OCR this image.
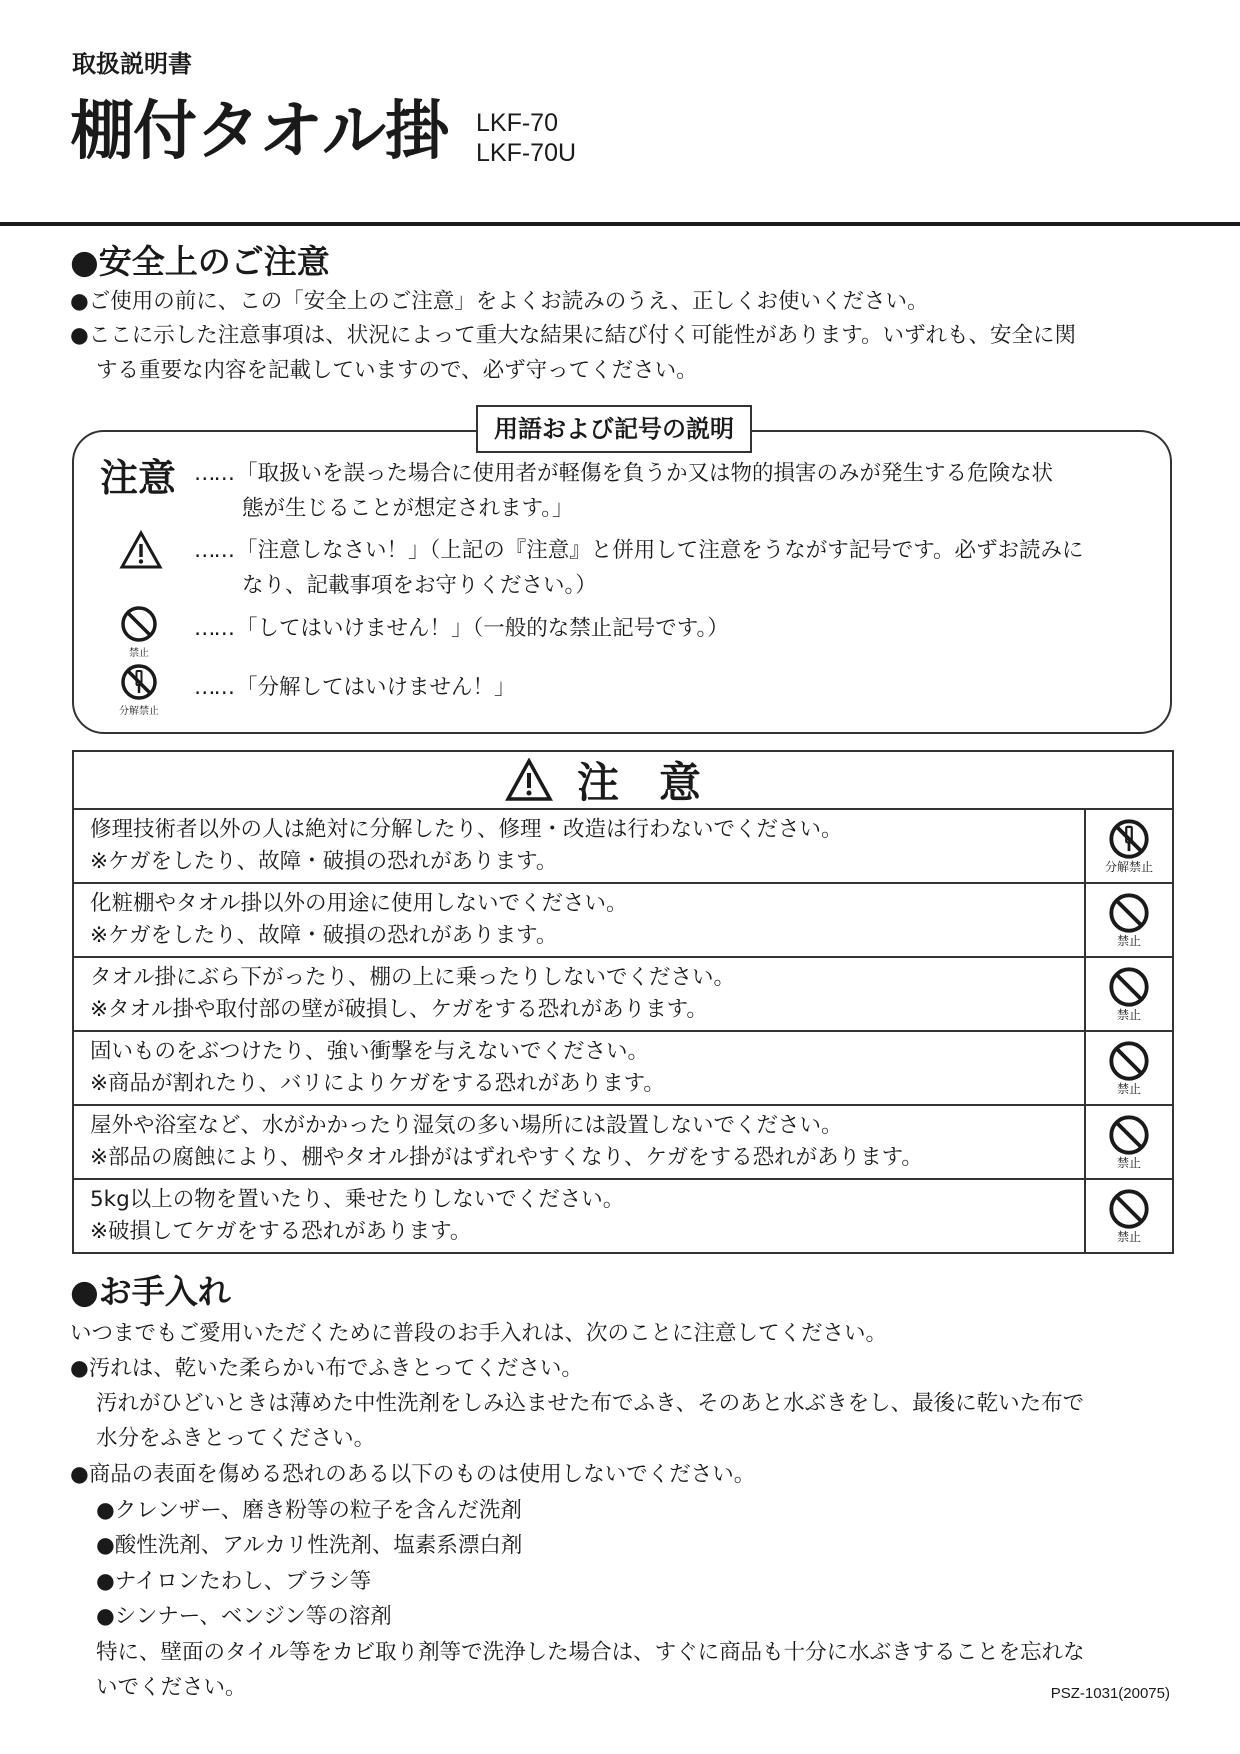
取扱説明書
棚付タオル掛 LKF-70
LKF-70U
●安全上のご注意
●ご使用の前に、この「安全上のご注意」をよくお読みのうえ、正しくお使いください。
●ここに示した注意事項は、状況によって重大な結果に結び付く可能性があります。いずれも、安全に関
する重要な内容を記載していますので、必ず守ってください。
用語および記号の説明
注意 …… 「取扱いを誤った場合に使用者が軽傷を負うか又は物的損害のみが発生する危険な状
態が生じることが想定されます。」
…… 「注意しなさい！」（上記の『注意』と併用して注意をうながす記号です。必ずお読みに
なり、記載事項をお守りください。）
禁止
…… 「してはいけません！」（一般的な禁止記号です。）
分解禁止
…… 「分解してはいけません！」
注意
修理技術者以外の人は絶対に分解したり、修理・改造は行わないでください。
※ケガをしたり、故障・破損の恐れがあります。	分解禁止
化粧棚やタオル掛以外の用途に使用しないでください。
※ケガをしたり、故障・破損の恐れがあります。	禁止
タオル掛にぶら下がったり、棚の上に乗ったりしないでください。
※タオル掛や取付部の壁が破損し、ケガをする恐れがあります。	禁止
固いものをぶつけたり、強い衝撃を与えないでください。
※商品が割れたり、バリによりケガをする恐れがあります。	禁止
屋外や浴室など、水がかかったり湿気の多い場所には設置しないでください。
※部品の腐蝕により、棚やタオル掛がはずれやすくなり、ケガをする恐れがあります。	禁止
5kg以上の物を置いたり、乗せたりしないでください。
※破損してケガをする恐れがあります。	禁止
●お手入れ
いつまでもご愛用いただくために普段のお手入れは、次のことに注意してください。
●汚れは、乾いた柔らかい布でふきとってください。
汚れがひどいときは薄めた中性洗剤をしみ込ませた布でふき、そのあと水ぶきをし、最後に乾いた布で
水分をふきとってください。
●商品の表面を傷める恐れのある以下のものは使用しないでください。
●クレンザー、磨き粉等の粒子を含んだ洗剤
●酸性洗剤、アルカリ性洗剤、塩素系漂白剤
●ナイロンたわし、ブラシ等
●シンナー、ベンジン等の溶剤
特に、壁面のタイル等をカビ取り剤等で洗浄した場合は、すぐに商品も十分に水ぶきすることを忘れな
いでください。	PSZ-1031(20075)
